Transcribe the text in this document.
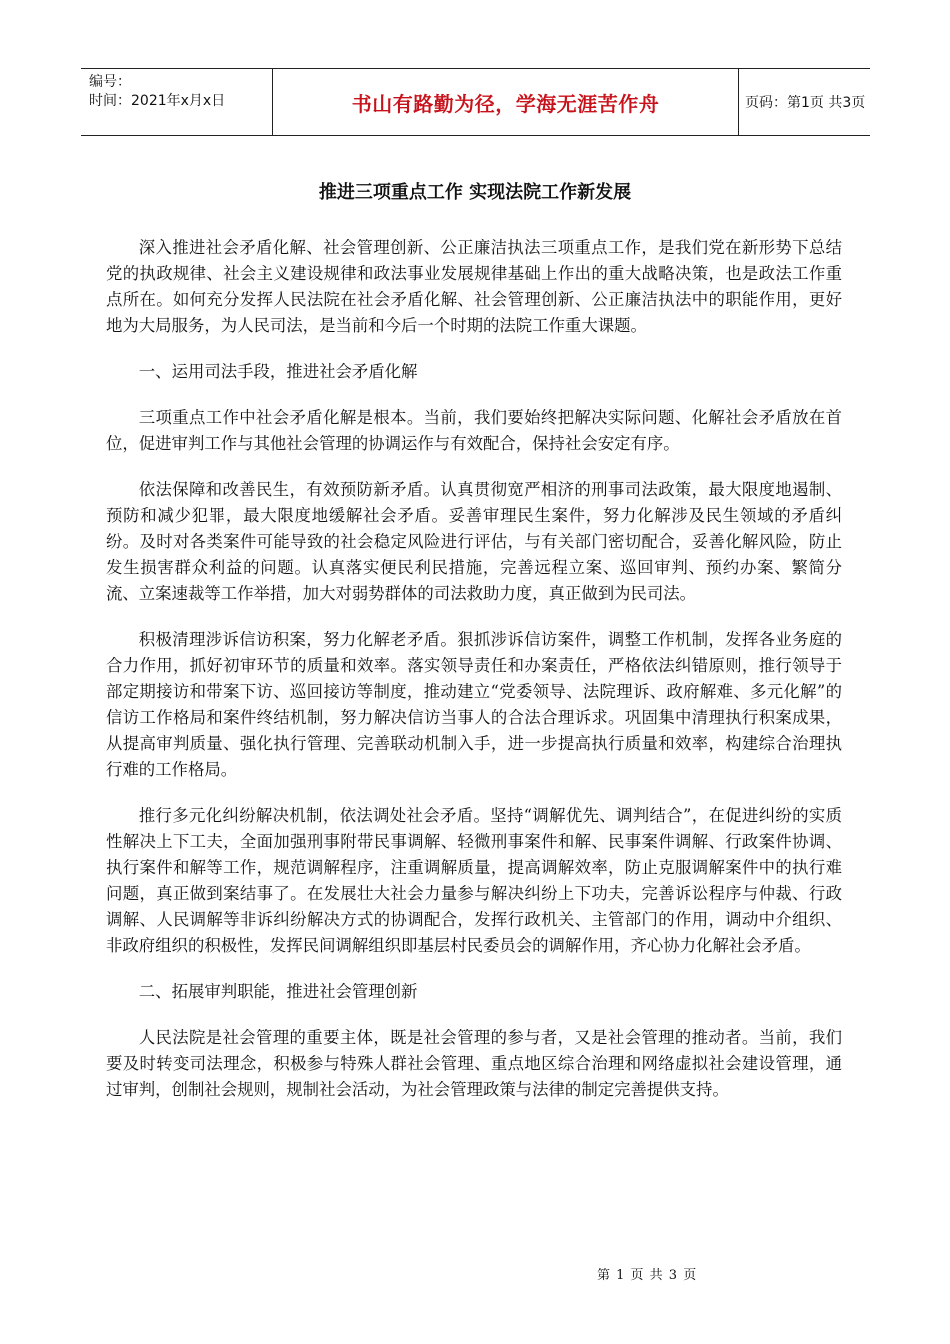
编号：
时间：2021年x月x日	书山有路勤为径，学海无涯苦作舟	页码：第1页 共3页
推进三项重点工作 实现法院工作新发展

深入推进社会矛盾化解、社会管理创新、公正廉洁执法三项重点工作，是我们党在新形势下总结党的执政规律、社会主义建设规律和政法事业发展规律基础上作出的重大战略决策，也是政法工作重点所在。如何充分发挥人民法院在社会矛盾化解、社会管理创新、公正廉洁执法中的职能作用，更好地为大局服务，为人民司法，是当前和今后一个时期的法院工作重大课题。

一、运用司法手段，推进社会矛盾化解

三项重点工作中社会矛盾化解是根本。当前，我们要始终把解决实际问题、化解社会矛盾放在首位，促进审判工作与其他社会管理的协调运作与有效配合，保持社会安定有序。

依法保障和改善民生，有效预防新矛盾。认真贯彻宽严相济的刑事司法政策，最大限度地遏制、预防和减少犯罪，最大限度地缓解社会矛盾。妥善审理民生案件，努力化解涉及民生领域的矛盾纠纷。及时对各类案件可能导致的社会稳定风险进行评估，与有关部门密切配合，妥善化解风险，防止发生损害群众利益的问题。认真落实便民利民措施，完善远程立案、巡回审判、预约办案、繁简分流、立案速裁等工作举措，加大对弱势群体的司法救助力度，真正做到为民司法。

积极清理涉诉信访积案，努力化解老矛盾。狠抓涉诉信访案件，调整工作机制，发挥各业务庭的合力作用，抓好初审环节的质量和效率。落实领导责任和办案责任，严格依法纠错原则，推行领导于部定期接访和带案下访、巡回接访等制度，推动建立“党委领导、法院理诉、政府解难、多元化解”的信访工作格局和案件终结机制，努力解决信访当事人的合法合理诉求。巩固集中清理执行积案成果，从提高审判质量、强化执行管理、完善联动机制入手，进一步提高执行质量和效率，构建综合治理执行难的工作格局。

推行多元化纠纷解决机制，依法调处社会矛盾。坚持“调解优先、调判结合”，在促进纠纷的实质性解决上下工夫，全面加强刑事附带民事调解、轻微刑事案件和解、民事案件调解、行政案件协调、执行案件和解等工作，规范调解程序，注重调解质量，提高调解效率，防止克服调解案件中的执行难问题，真正做到案结事了。在发展壮大社会力量参与解决纠纷上下功夫，完善诉讼程序与仲裁、行政调解、人民调解等非诉纠纷解决方式的协调配合，发挥行政机关、主管部门的作用，调动中介组织、非政府组织的积极性，发挥民间调解组织即基层村民委员会的调解作用，齐心协力化解社会矛盾。

二、拓展审判职能，推进社会管理创新

人民法院是社会管理的重要主体，既是社会管理的参与者，又是社会管理的推动者。当前，我们要及时转变司法理念，积极参与特殊人群社会管理、重点地区综合治理和网络虚拟社会建设管理，通过审判，创制社会规则，规制社会活动，为社会管理政策与法律的制定完善提供支持。

第 1 页 共 3 页
